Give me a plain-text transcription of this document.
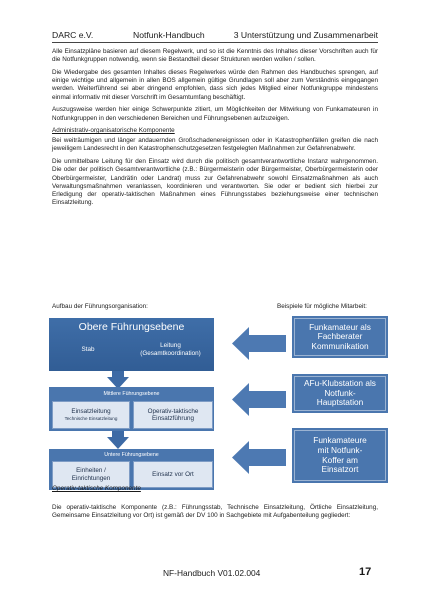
DARC e.V.	Notfunk-Handbuch	3 Unterstützung und Zusammenarbeit

Alle Einsatzpläne basieren auf diesem Regelwerk, und so ist die Kenntnis des Inhaltes dieser Vorschriften auch für die Notfunkgruppen notwendig, wenn sie Bestandteil dieser Strukturen werden wollen / sollen.

Die Wiedergabe des gesamten Inhaltes dieses Regelwerkes würde den Rahmen des Handbuches sprengen, auf einige wichtige und allgemein in allen BOS allgemein gültige Grundlagen soll aber zum Verständnis eingegangen werden. Weiterführend sei aber dringend empfohlen, dass sich jedes Mitglied einer Notfunkgruppe mindestens einmal informativ mit dieser Vorschrift im Gesamtumfang beschäftigt.

Auszugsweise werden hier einige Schwerpunkte zitiert, um Möglichkeiten der Mitwirkung von Funkamateuren in Notfunkgruppen in den verschiedenen Bereichen und Führungsebenen aufzuzeigen.

Administrativ-organisatorische Komponente

Bei weiträumigen und länger andauernden Großschadenereignissen oder in Katastrophenfällen greifen die nach jeweiligem Landesrecht in den Katastrophenschutzgesetzen festgelegten Maßnahmen zur Gefahrenabwehr.

Die unmittelbare Leitung für den Einsatz wird durch die politisch gesamtverantwortliche Instanz wahrgenommen. Die oder der politisch Gesamtverantwortliche (z.B.: Bürgermeisterin oder Bürgermeister, Oberbürgermeisterin oder Oberbürgermeister, Landrätin oder Landrat) muss zur Gefahrenabwehr sowohl Einsatzmaßnahmen als auch Verwaltungsmaßnahmen veranlassen, koordinieren und verantworten. Sie oder er bedient sich hierbei zur Erledigung der operativ-taktischen Maßnahmen eines Führungsstabes beziehungsweise einer technischen Einsatzleitung.

Aufbau der Führungsorganisation:	Beispiele für mögliche Mitarbeit:
Obere Führungsebene
Stab
Leitung
(Gesamtkoordination)
Mittlere Führungsebene
Einsatzleitung
Technische Einsatzleitung
Operativ-taktische
Einsatzführung
Untere Führungsebene
Einheiten /
Einrichtungen
Einsatz vor Ort
Funkamateur als
Fachberater
Kommunikation
AFu-Klubstation als
Notfunk-
Hauptstation
Funkamateure
mit Notfunk-
Koffer am
Einsatzort
Operativ-taktische Komponente
Die operativ-taktische Komponente (z.B.: Führungsstab, Technische Einsatzleitung, Örtliche Einsatzleitung, Gemeinsame Einsatzleitung vor Ort) ist gemäß der DV 100 in Sachgebiete mit Aufgabenteilung gegliedert:
NF-Handbuch V01.02.004	17
